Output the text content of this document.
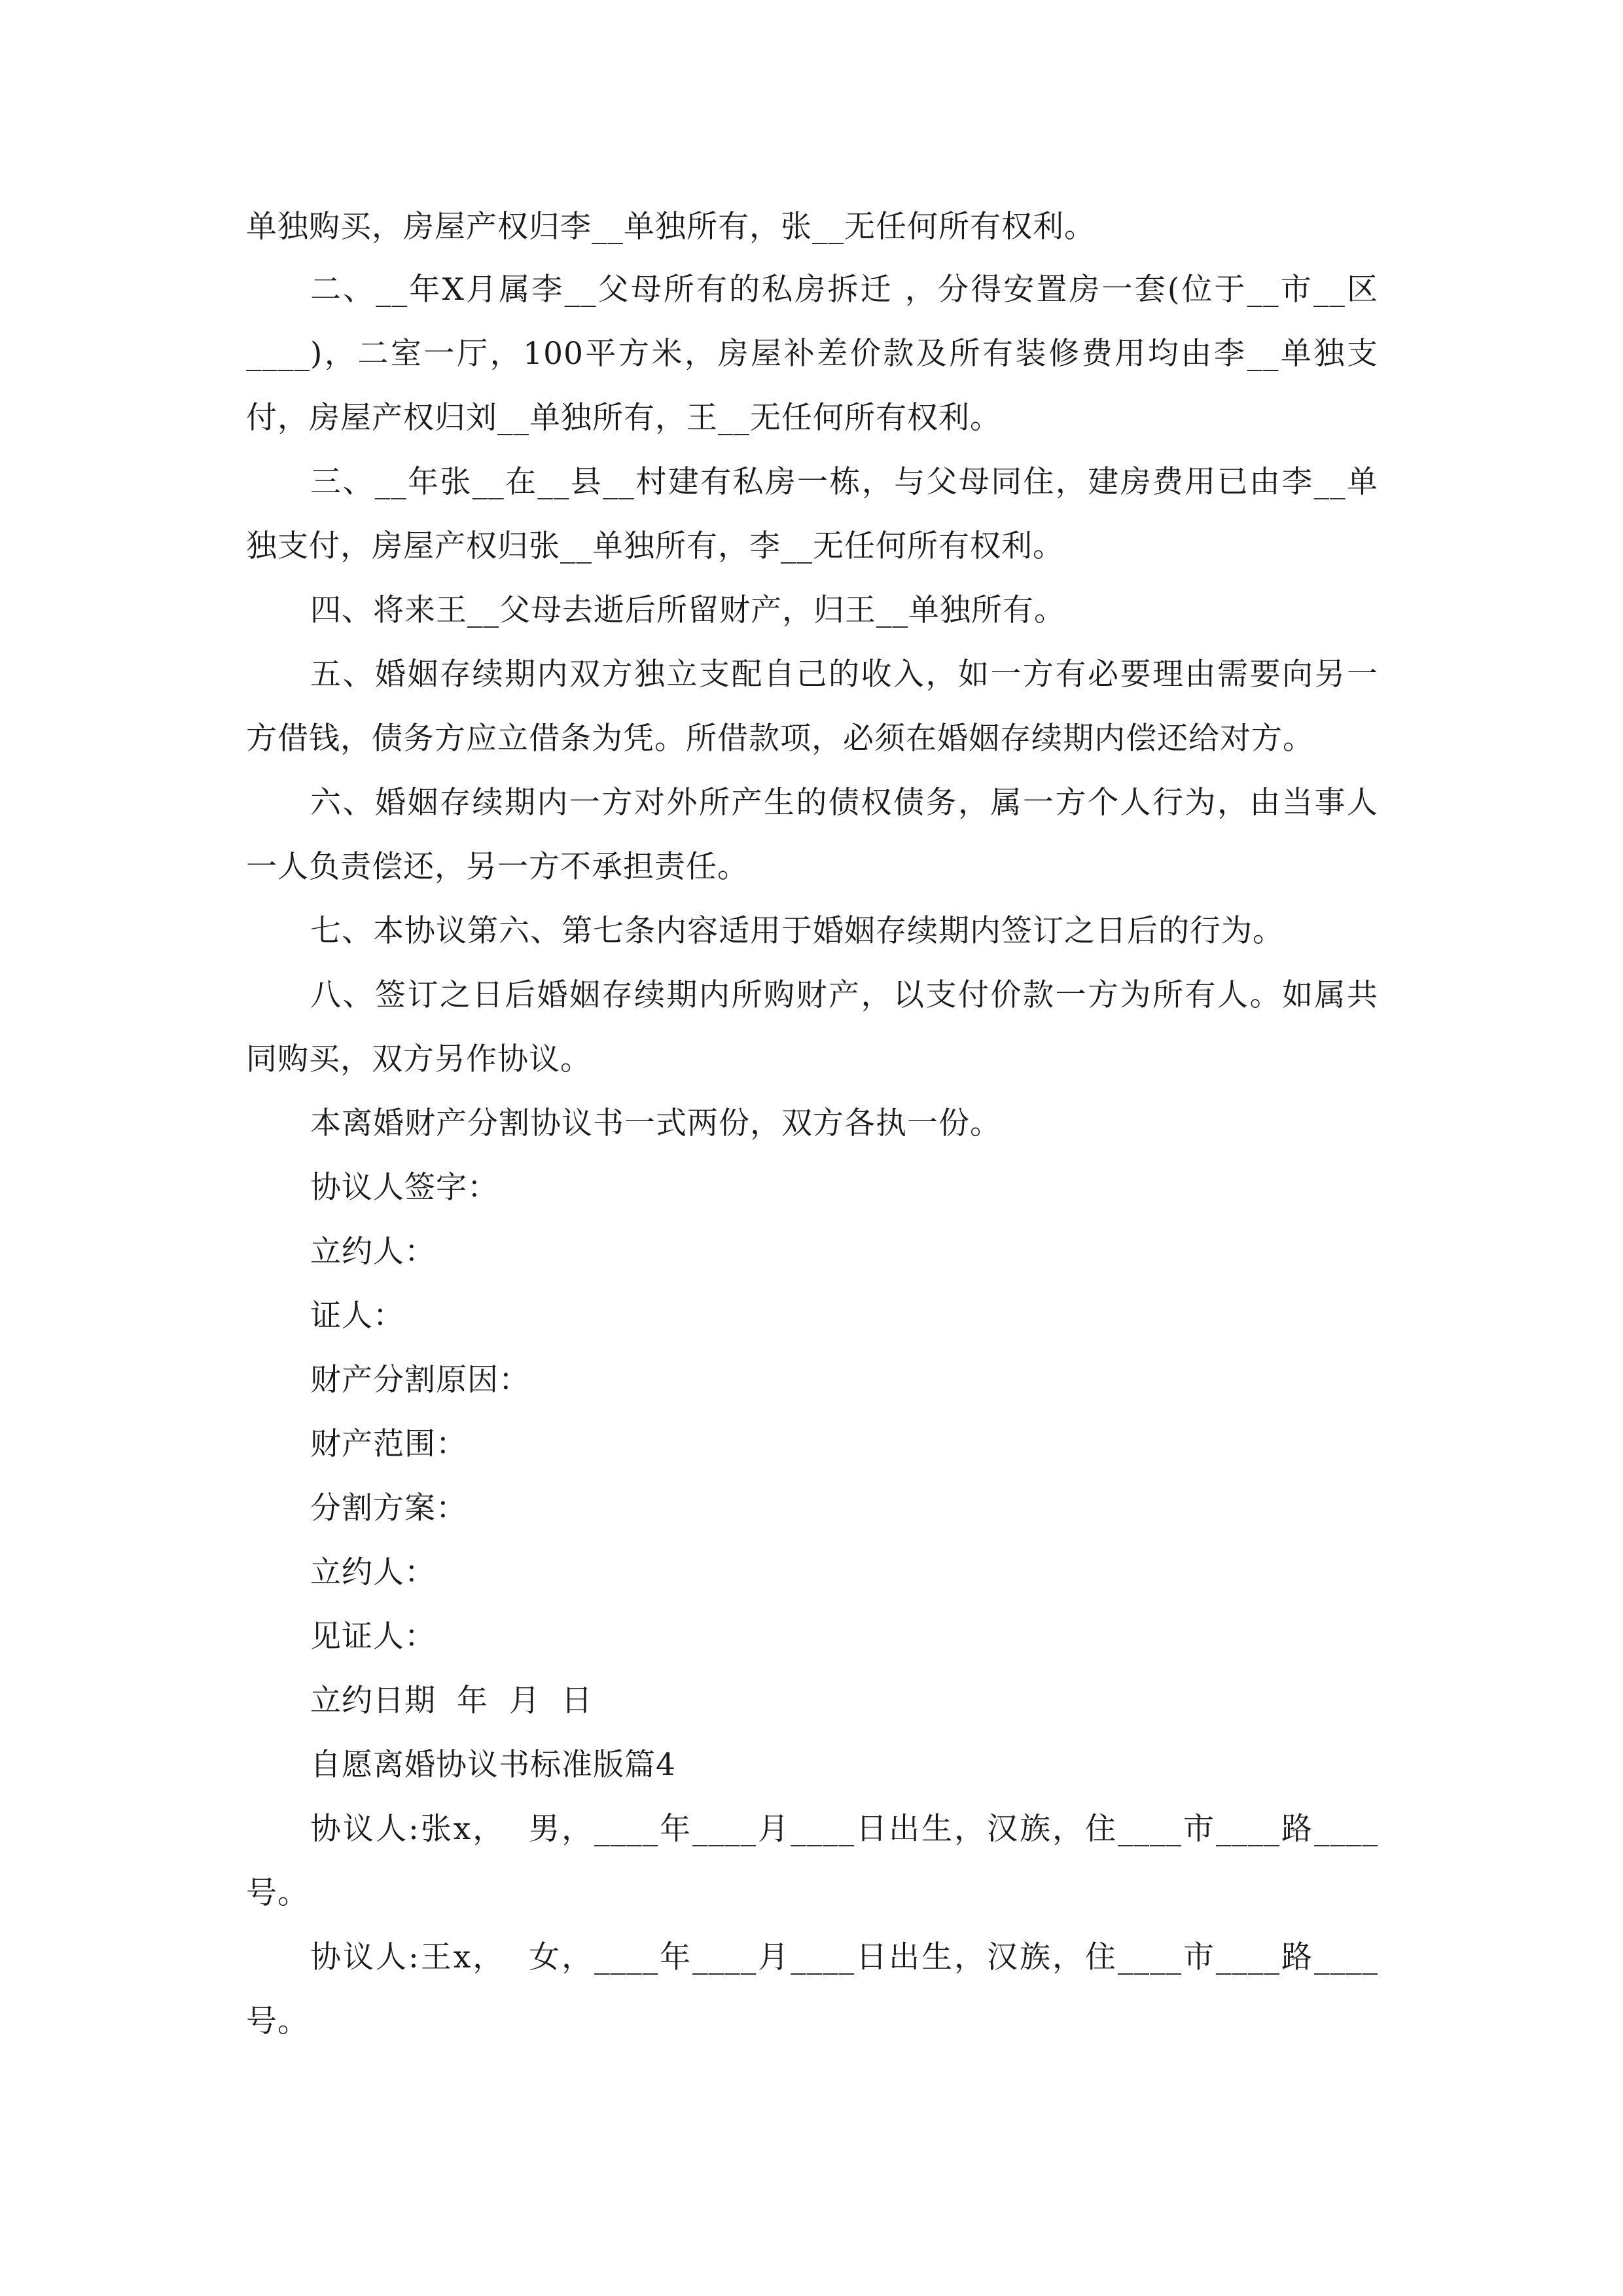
单独购买，房屋产权归李__单独所有，张__无任何所有权利。
二、__年X月属李__父母所有的私房拆迁 ，分得安置房一套(位于__市__区
____)，二室一厅，100平方米，房屋补差价款及所有装修费用均由李__单独支
付，房屋产权归刘__单独所有，王__无任何所有权利。
三、__年张__在__县__村建有私房一栋，与父母同住，建房费用已由李__单
独支付，房屋产权归张__单独所有，李__无任何所有权利。
四、将来王__父母去逝后所留财产，归王__单独所有。
五、婚姻存续期内双方独立支配自己的收入，如一方有必要理由需要向另一
方借钱，债务方应立借条为凭。所借款项，必须在婚姻存续期内偿还给对方。
六、婚姻存续期内一方对外所产生的债权债务，属一方个人行为，由当事人
一人负责偿还，另一方不承担责任。
七、本协议第六、第七条内容适用于婚姻存续期内签订之日后的行为。
八、签订之日后婚姻存续期内所购财产，以支付价款一方为所有人。如属共
同购买，双方另作协议。
本离婚财产分割协议书一式两份，双方各执一份。
协议人签字：
立约人：
证人：
财产分割原因：
财产范围：
分割方案：
立约人：
见证人：
立约日期  年  月  日
自愿离婚协议书标准版篇4
协议人:张x，  男，____年____月____日出生，汉族，住____市____路____
号。
协议人:王x，  女，____年____月____日出生，汉族，住____市____路____
号。
